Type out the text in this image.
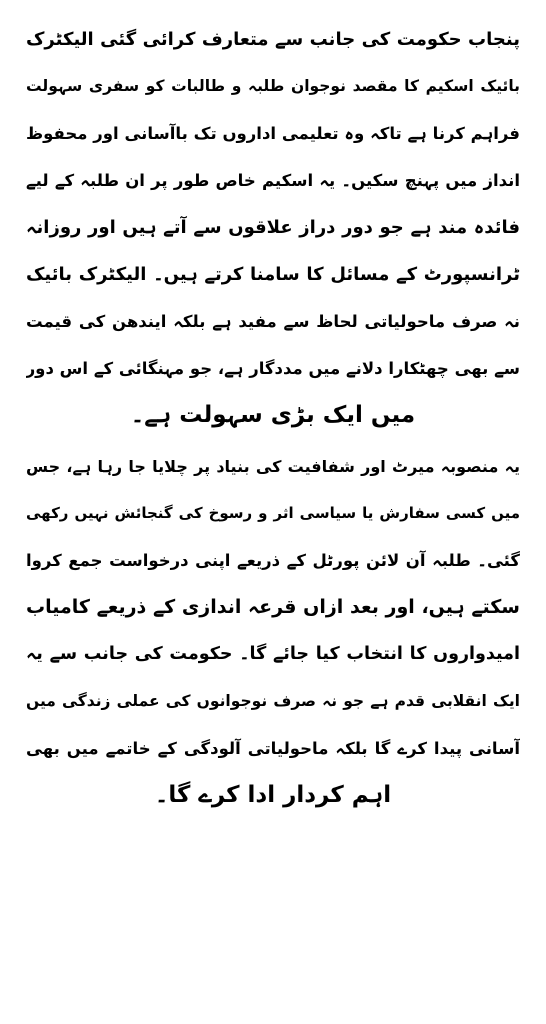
پنجاب حکومت کی جانب سے متعارف کرائی گئی الیکٹرک
بائیک اسکیم کا مقصد نوجوان طلبہ و طالبات کو سفری سہولت
فراہم کرنا ہے تاکہ وہ تعلیمی اداروں تک باآسانی اور محفوظ
انداز میں پہنچ سکیں۔ یہ اسکیم خاص طور پر ان طلبہ کے لیے
فائدہ مند ہے جو دور دراز علاقوں سے آتے ہیں اور روزانہ
ٹرانسپورٹ کے مسائل کا سامنا کرتے ہیں۔ الیکٹرک بائیک
نہ صرف ماحولیاتی لحاظ سے مفید ہے بلکہ ایندھن کی قیمت
سے بھی چھٹکارا دلانے میں مددگار ہے، جو مہنگائی کے اس دور
میں ایک بڑی سہولت ہے۔
یہ منصوبہ میرٹ اور شفافیت کی بنیاد پر چلایا جا رہا ہے، جس
میں کسی سفارش یا سیاسی اثر و رسوخ کی گنجائش نہیں رکھی
گئی۔ طلبہ آن لائن پورٹل کے ذریعے اپنی درخواست جمع کروا
سکتے ہیں، اور بعد ازاں قرعہ اندازی کے ذریعے کامیاب
امیدواروں کا انتخاب کیا جائے گا۔ حکومت کی جانب سے یہ
ایک انقلابی قدم ہے جو نہ صرف نوجوانوں کی عملی زندگی میں
آسانی پیدا کرے گا بلکہ ماحولیاتی آلودگی کے خاتمے میں بھی
اہم کردار ادا کرے گا۔
